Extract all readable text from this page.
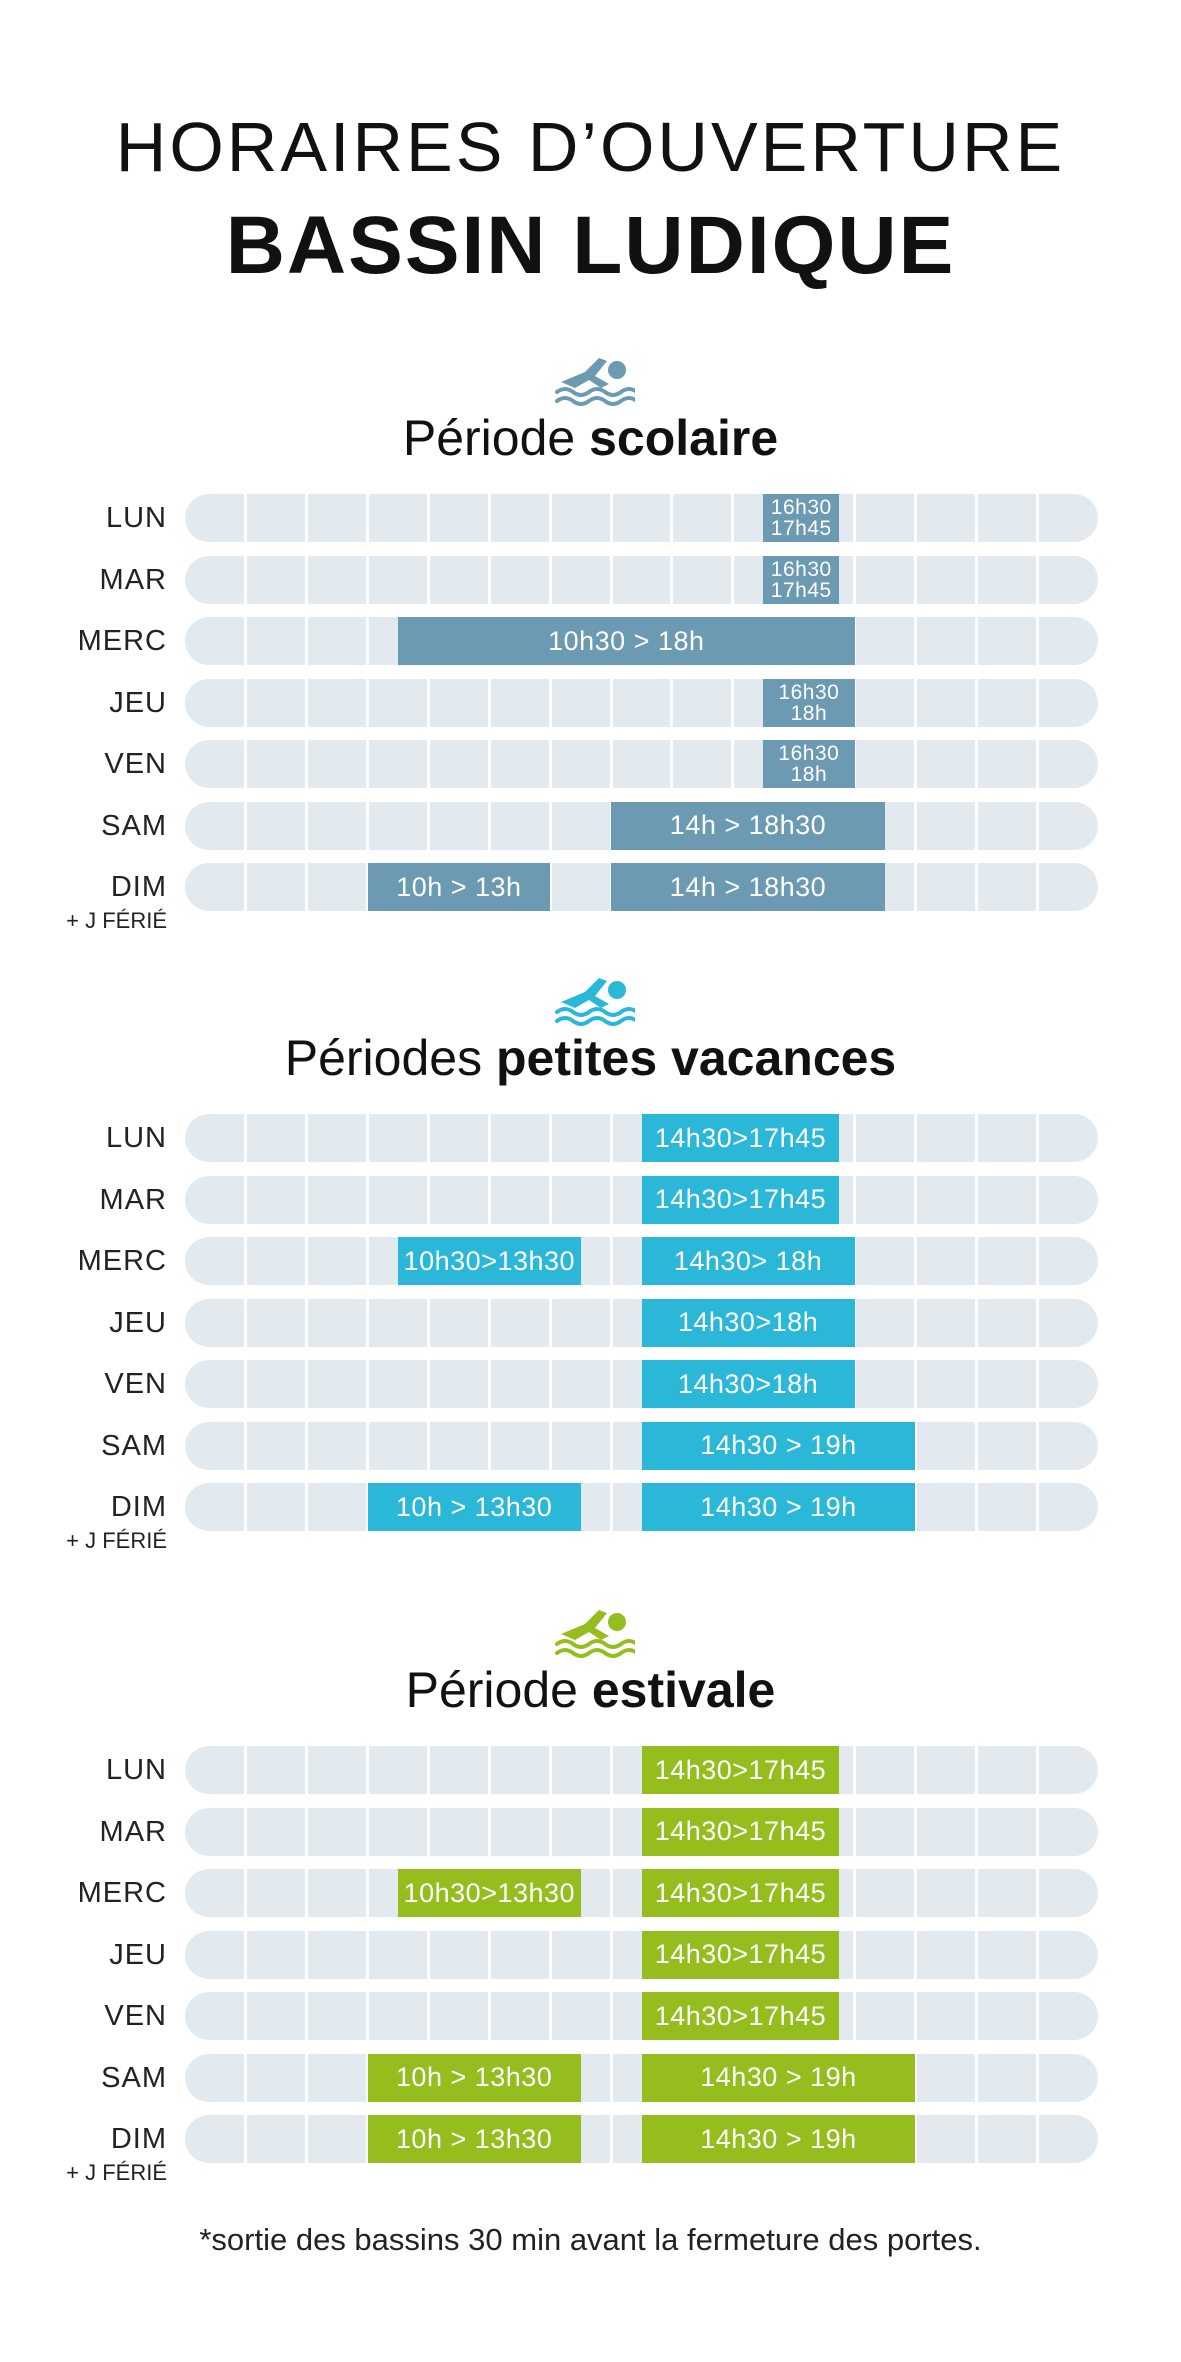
HORAIRES D’OUVERTURE
BASSIN LUDIQUE
Période scolaire
LUN	16h30
17h45
MAR	16h30
17h45
MERC	10h30 > 18h
JEU	16h30
18h
VEN	16h30
18h
SAM	14h > 18h30
DIM
+ J FÉRIÉ
10h > 13h	14h > 18h30
Périodes petites vacances
LUN	14h30>17h45
MAR	14h30>17h45
MERC	10h30>13h30	14h30> 18h
JEU	14h30>18h
VEN	14h30>18h
SAM	14h30 > 19h
DIM
+ J FÉRIÉ
10h > 13h30	14h30 > 19h
Période estivale
LUN	14h30>17h45
MAR	14h30>17h45
MERC	10h30>13h30	14h30>17h45
JEU	14h30>17h45
VEN	14h30>17h45
SAM	10h > 13h30	14h30 > 19h
DIM
+ J FÉRIÉ
10h > 13h30	14h30 > 19h
*sortie des bassins 30 min avant la fermeture des portes.
